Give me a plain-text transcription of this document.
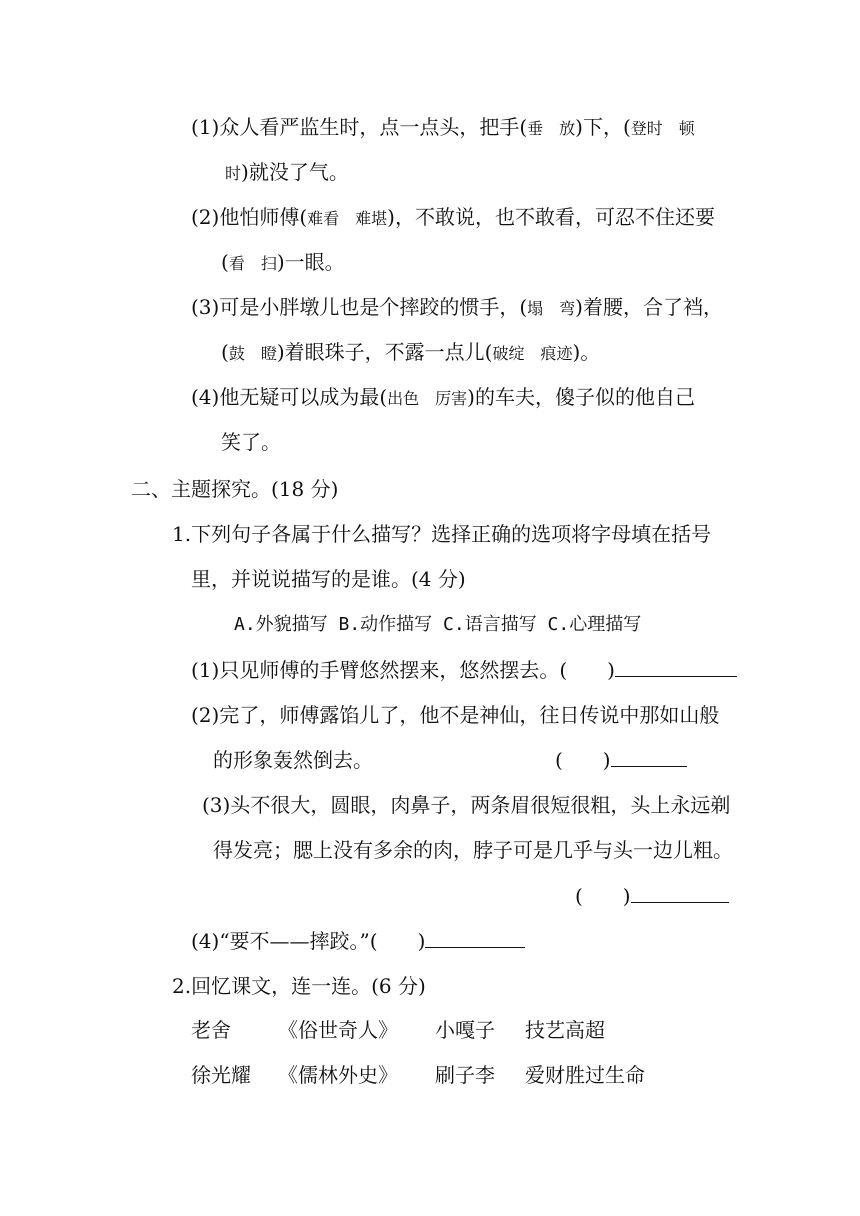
(1)众人看严监生时，点一点头，把手(垂　放)下，(登时　顿
时)就没了气。
(2)他怕师傅(难看　难堪)，不敢说，也不敢看，可忍不住还要
(看　扫)一眼。
(3)可是小胖墩儿也是个摔跤的惯手，(塌　弯)着腰，合了裆，
(鼓　瞪)着眼珠子，不露一点儿(破绽　痕迹)。
(4)他无疑可以成为最(出色　厉害)的车夫，傻子似的他自己
笑了。
二、主题探究。(18 分)
1.下列句子各属于什么描写？选择正确的选项将字母填在括号
里，并说说描写的是谁。(4 分)
A.外貌描写 B.动作描写 C.语言描写 C.心理描写
(1)只见师傅的手臂悠然摆来，悠然摆去。(　　)
(2)完了，师傅露馅儿了，他不是神仙，往日传说中那如山般
的形象轰然倒去。	(　　)
(3)头不很大，圆眼，肉鼻子，两条眉很短很粗，头上永远剃
得发亮；腮上没有多余的肉，脖子可是几乎与头一边儿粗。
(　　)
(4)“要不——摔跤。”(　　)
2.回忆课文，连一连。(6 分)
老舍 《俗世奇人》 小嘎子 技艺高超
徐光耀 《儒林外史》 刷子李 爱财胜过生命
